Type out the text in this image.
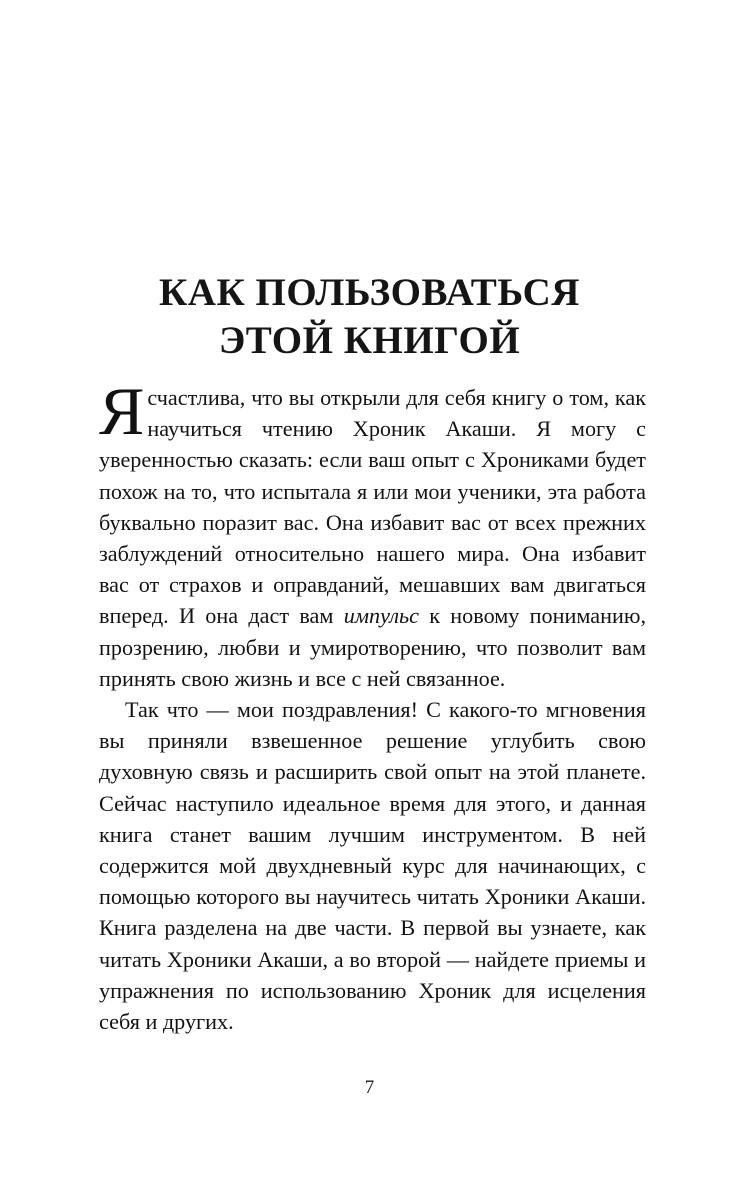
КАК ПОЛЬЗОВАТЬСЯ
ЭТОЙ КНИГОЙ

Ясчастлива, что вы открыли для себя книгу о том, как научиться чтению Хроник Акаши. Я могу с уверенностью сказать: если ваш опыт с Хрониками будет похож на то, что испытала я или мои ученики, эта работа буквально поразит вас. Она избавит вас от всех прежних заблуждений относительно нашего мира. Она избавит вас от страхов и оправданий, мешавших вам двигаться вперед. И она даст вам импульс к новому пониманию, прозрению, любви и умиротворению, что позволит вам принять свою жизнь и все с ней связанное.

Так что — мои поздравления! С какого-то мгновения вы приняли взвешенное решение углубить свою духовную связь и расширить свой опыт на этой планете. Сейчас наступило идеальное время для этого, и данная книга станет вашим лучшим инструментом. В ней содержится мой двухдневный курс для начинающих, с помощью которого вы научитесь читать Хроники Акаши. Книга разделена на две части. В первой вы узнаете, как читать Хроники Акаши, а во второй — найдете приемы и упражнения по использованию Хроник для исцеления себя и других.

7
